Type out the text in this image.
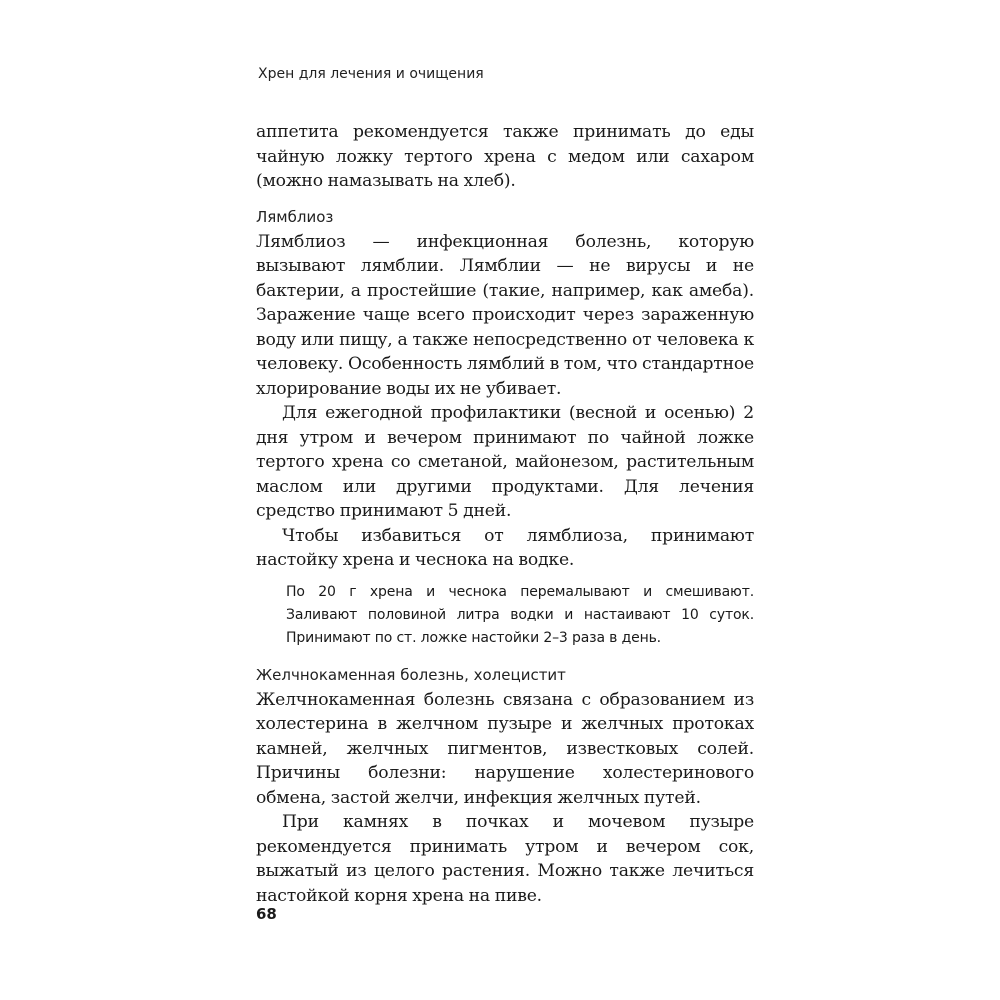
Хрен для лечения и очищения

аппетита рекомендуется также принимать до еды чайную ложку тертого хрена с медом или сахаром (можно намазывать на хлеб).

Лямблиоз

Лямблиоз — инфекционная болезнь, которую вызывают лямблии. Лямблии — не вирусы и не бактерии, а простейшие (такие, например, как амеба). Заражение чаще всего происходит через зараженную воду или пищу, а также непосредственно от человека к человеку. Особенность лямблий в том, что стандартное хлорирование воды их не убивает.

Для ежегодной профилактики (весной и осенью) 2 дня утром и вечером принимают по чайной ложке тертого хрена со сметаной, майонезом, растительным маслом или другими продуктами. Для лечения средство принимают 5 дней.

Чтобы избавиться от лямблиоза, принимают настойку хрена и чеснока на водке.

По 20 г хрена и чеснока перемалывают и смешивают. Заливают половиной литра водки и настаивают 10 суток. Принимают по ст. ложке настойки 2–3 раза в день.

Желчнокаменная болезнь, холецистит

Желчнокаменная болезнь связана с образованием из холестерина в желчном пузыре и желчных протоках камней, желчных пигментов, известковых солей. Причины болезни: нарушение холестеринового обмена, застой желчи, инфекция желчных путей.

При камнях в почках и мочевом пузыре рекомендуется принимать утром и вечером сок, выжатый из целого растения. Можно также лечиться настойкой корня хрена на пиве.

68
